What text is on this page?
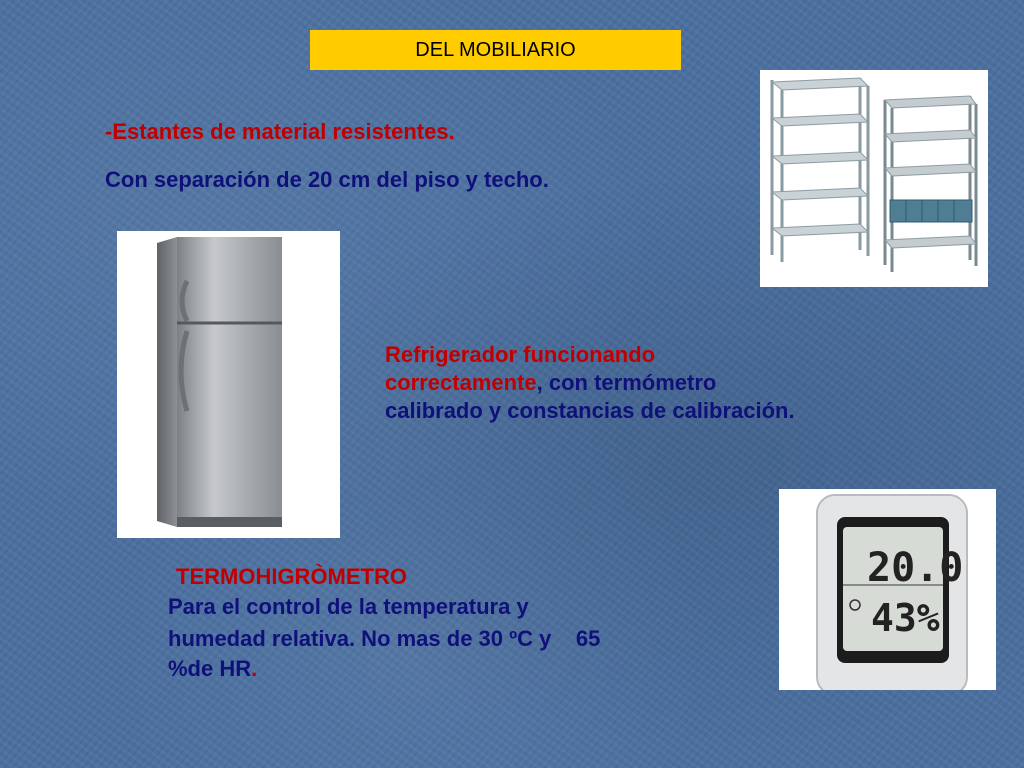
DEL MOBILIARIO
-Estantes de material resistentes.
Con separación de 20 cm del piso y techo.
Refrigerador funcionando
correctamente, con termómetro
calibrado y constancias de calibración.
20.0
43%
TERMOHIGRÒMETRO
Para el control de la temperatura y
humedad relativa. No mas de 30 ºC y    65
%de HR.
